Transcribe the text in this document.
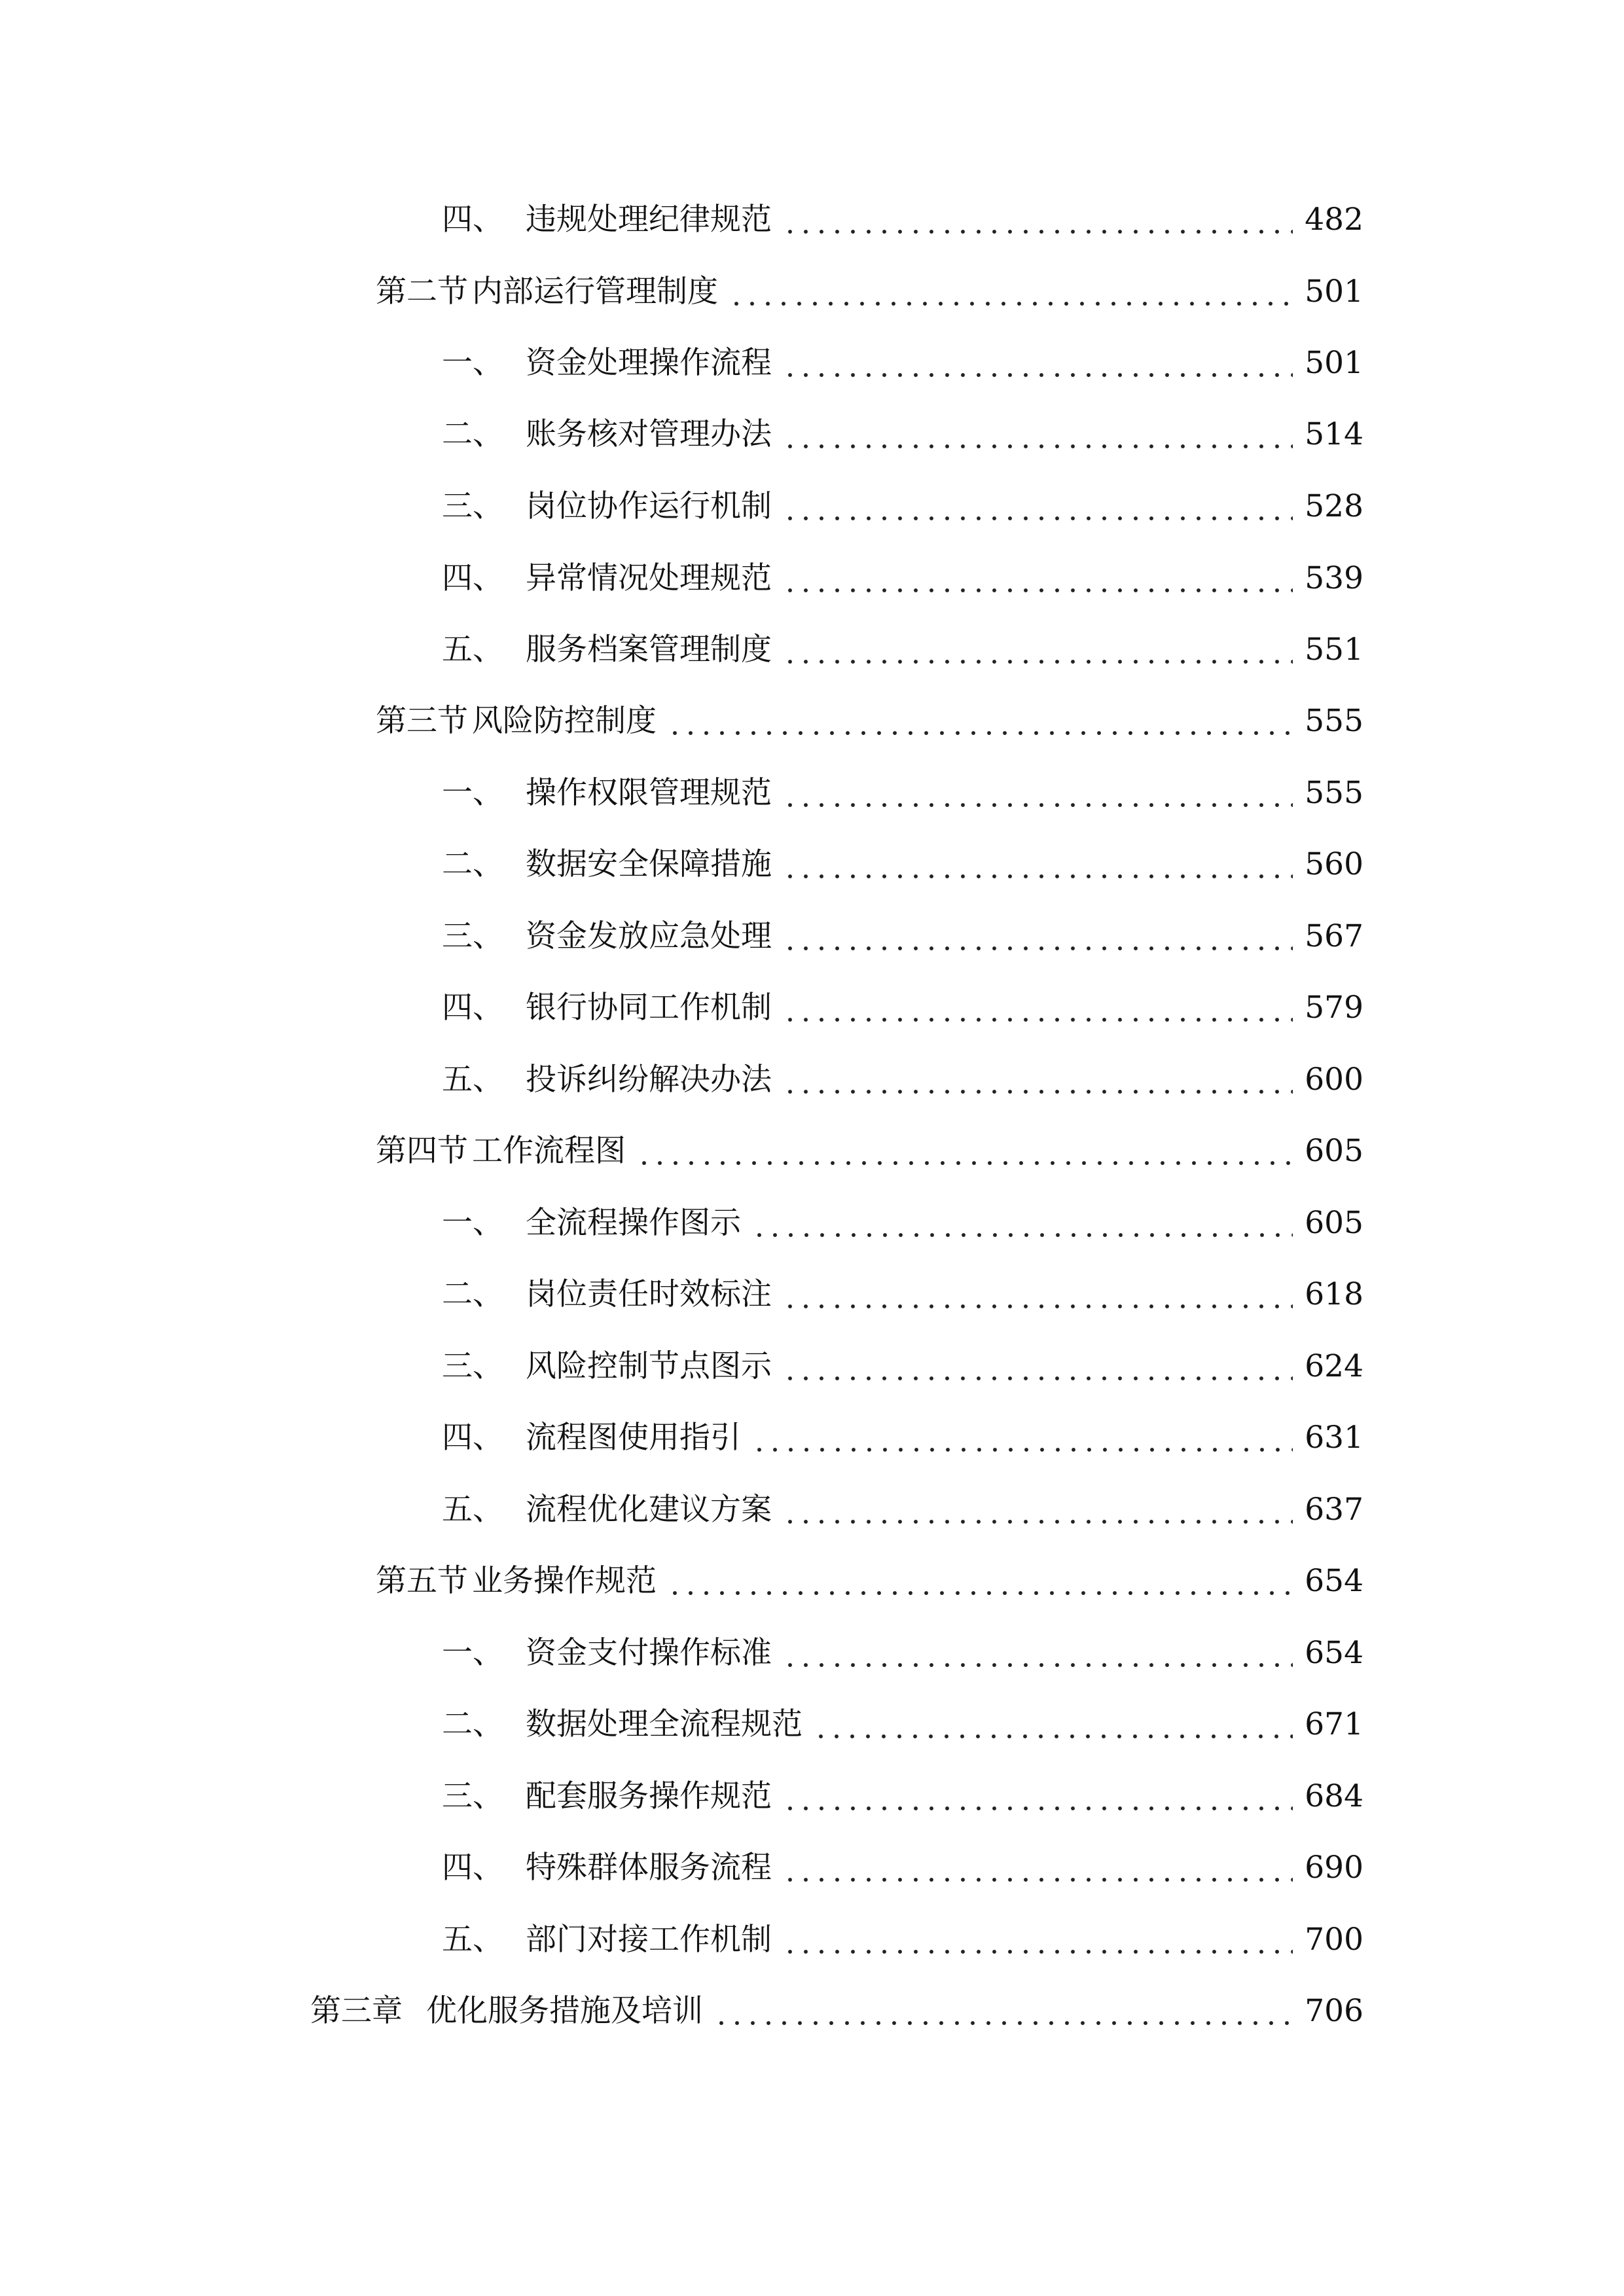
四、 违规处理纪律规范	482
第二节 内部运行管理制度	501
一、 资金处理操作流程	501
二、 账务核对管理办法	514
三、 岗位协作运行机制	528
四、 异常情况处理规范	539
五、 服务档案管理制度	551
第三节 风险防控制度	555
一、 操作权限管理规范	555
二、 数据安全保障措施	560
三、 资金发放应急处理	567
四、 银行协同工作机制	579
五、 投诉纠纷解决办法	600
第四节 工作流程图	605
一、 全流程操作图示	605
二、 岗位责任时效标注	618
三、 风险控制节点图示	624
四、 流程图使用指引	631
五、 流程优化建议方案	637
第五节 业务操作规范	654
一、 资金支付操作标准	654
二、 数据处理全流程规范	671
三、 配套服务操作规范	684
四、 特殊群体服务流程	690
五、 部门对接工作机制	700
第三章 优化服务措施及培训	706
